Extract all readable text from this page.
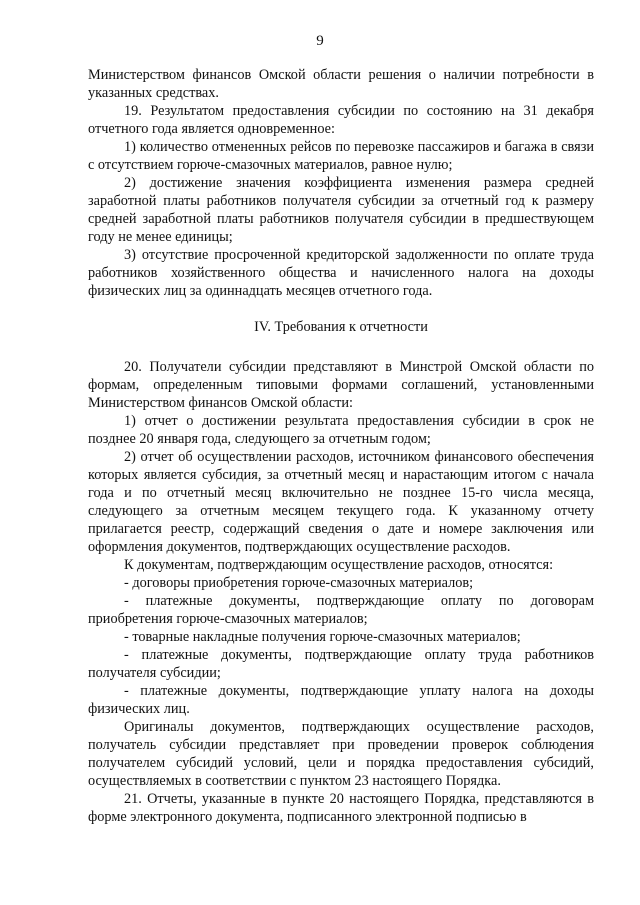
9

Министерством финансов Омской области решения о наличии потребности в указанных средствах.

19. Результатом предоставления субсидии по состоянию на 31 декабря отчетного года является одновременное:

1) количество отмененных рейсов по перевозке пассажиров и багажа в связи с отсутствием горюче-смазочных материалов, равное нулю;

2) достижение значения коэффициента изменения размера средней заработной платы работников получателя субсидии за отчетный год к размеру средней заработной платы работников получателя субсидии в предшествующем году не менее единицы;

3) отсутствие просроченной кредиторской задолженности по оплате труда работников хозяйственного общества и начисленного налога на доходы физических лиц за одиннадцать месяцев отчетного года.

IV. Требования к отчетности

20. Получатели субсидии представляют в Минстрой Омской области по формам, определенным типовыми формами соглашений, установленными Министерством финансов Омской области:

1) отчет о достижении результата предоставления субсидии в срок не позднее 20 января года, следующего за отчетным годом;

2) отчет об осуществлении расходов, источником финансового обеспечения которых является субсидия, за отчетный месяц и нарастающим итогом с начала года и по отчетный месяц включительно не позднее 15-го числа месяца, следующего за отчетным месяцем текущего года. К указанному отчету прилагается реестр, содержащий сведения о дате и номере заключения или оформления документов, подтверждающих осуществление расходов.

К документам, подтверждающим осуществление расходов, относятся:

- договоры приобретения горюче-смазочных материалов;

- платежные документы, подтверждающие оплату по договорам приобретения горюче-смазочных материалов;

- товарные накладные получения горюче-смазочных материалов;

- платежные документы, подтверждающие оплату труда работников получателя субсидии;

- платежные документы, подтверждающие уплату налога на доходы физических лиц.

Оригиналы документов, подтверждающих осуществление расходов, получатель субсидии представляет при проведении проверок соблюдения получателем субсидий условий, цели и порядка предоставления субсидий, осуществляемых в соответствии с пунктом 23 настоящего Порядка.

21. Отчеты, указанные в пункте 20 настоящего Порядка, представляются в форме электронного документа, подписанного электронной подписью в
